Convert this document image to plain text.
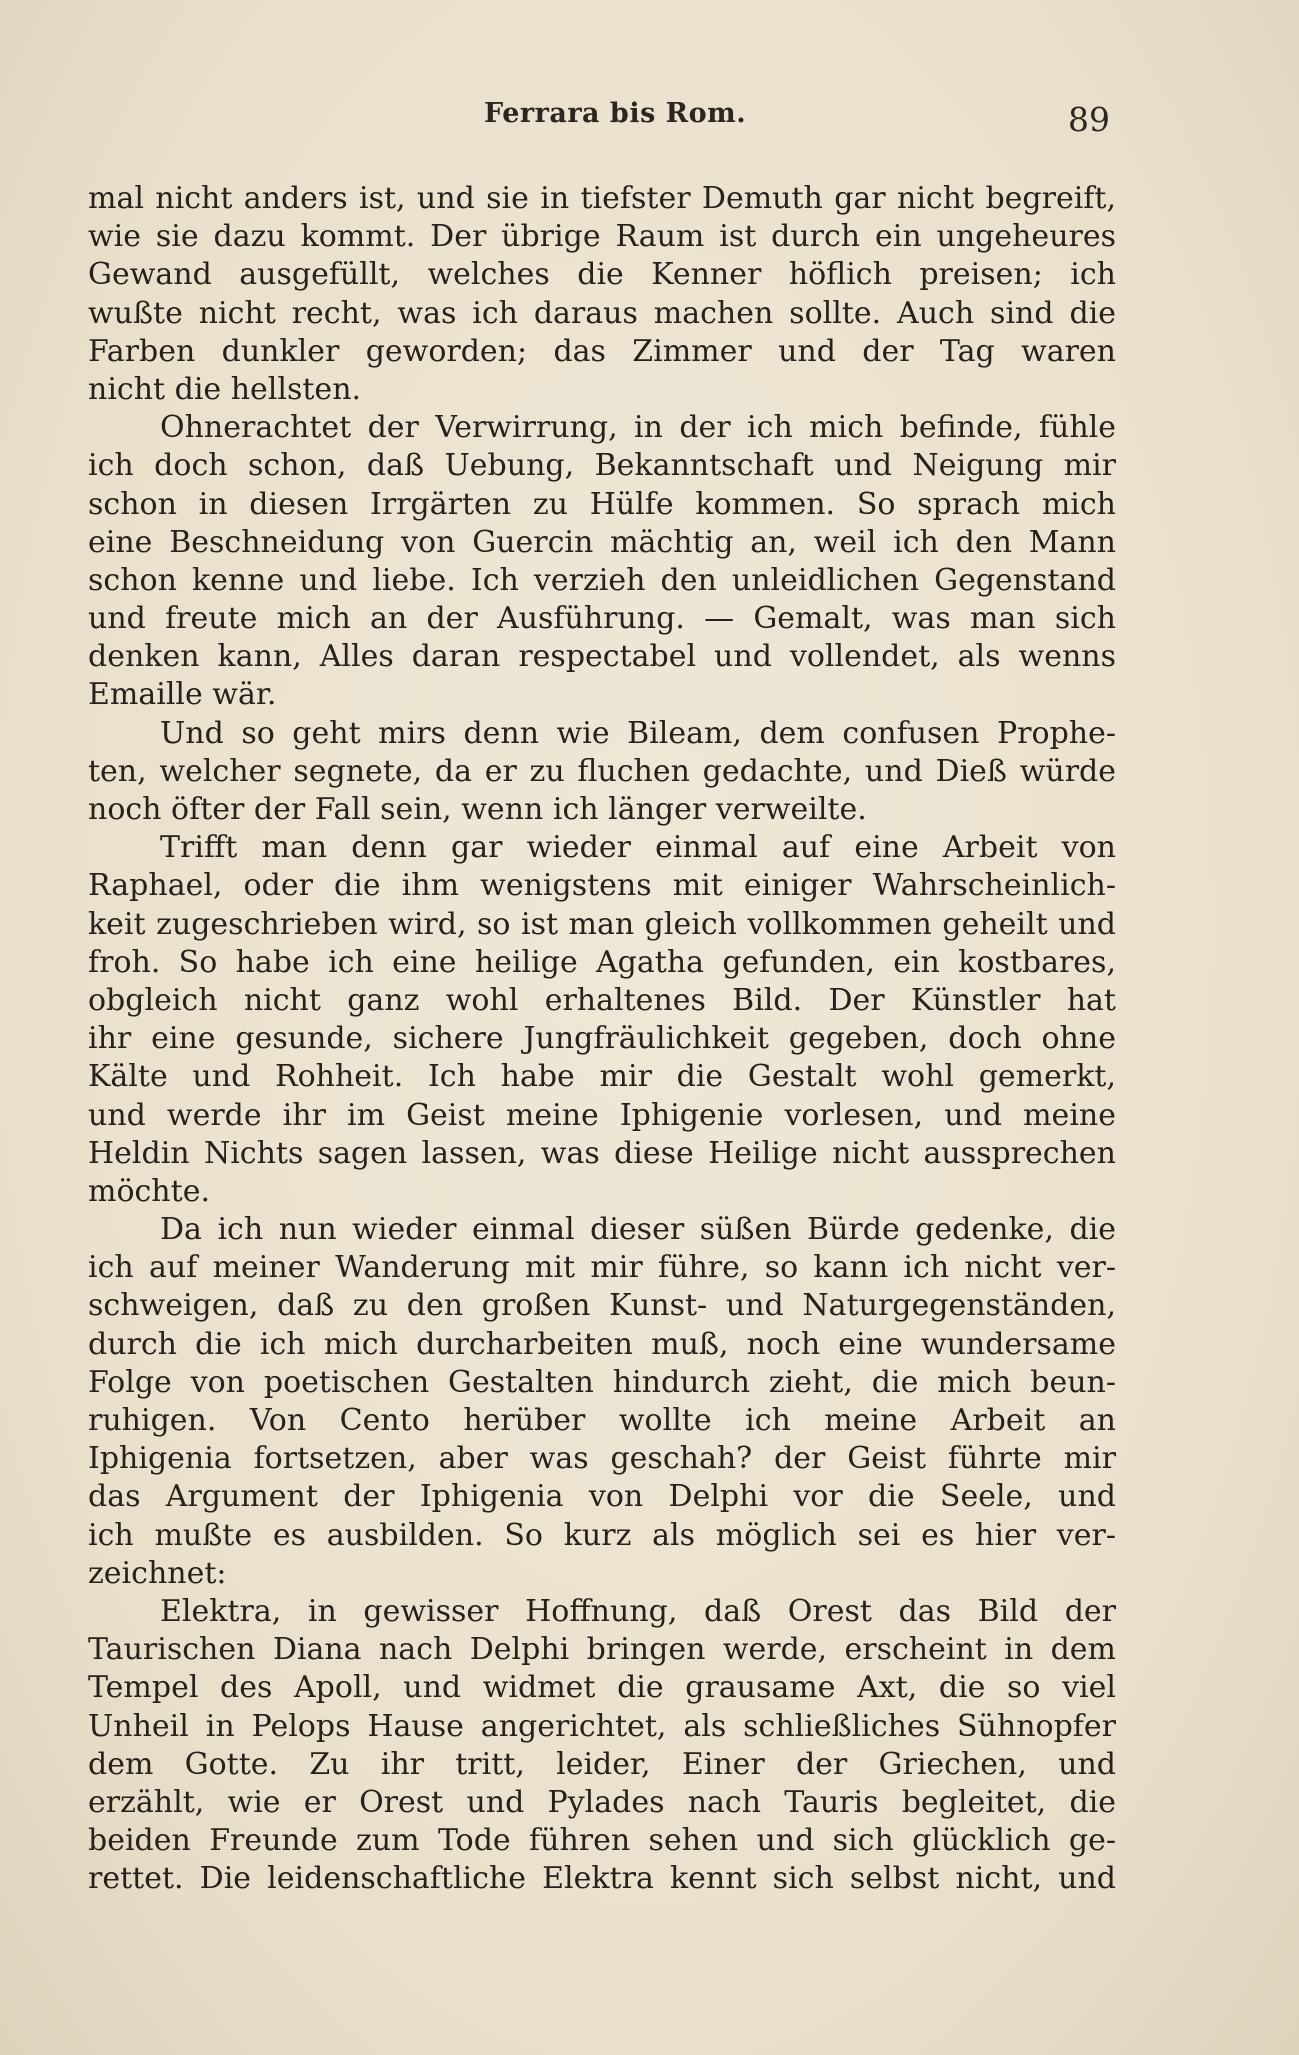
Ferrara bis Rom.	89
mal nicht anders ist, und sie in tiefster Demuth gar nicht begreift,
wie sie dazu kommt. Der übrige Raum ist durch ein ungeheures
Gewand ausgefüllt, welches die Kenner höflich preisen; ich
wußte nicht recht, was ich daraus machen sollte. Auch sind die
Farben dunkler geworden; das Zimmer und der Tag waren
nicht die hellsten.
Ohnerachtet der Verwirrung, in der ich mich befinde, fühle
ich doch schon, daß Uebung, Bekanntschaft und Neigung mir
schon in diesen Irrgärten zu Hülfe kommen. So sprach mich
eine Beschneidung von Guercin mächtig an, weil ich den Mann
schon kenne und liebe. Ich verzieh den unleidlichen Gegenstand
und freute mich an der Ausführung. — Gemalt, was man sich
denken kann, Alles daran respectabel und vollendet, als wenns
Emaille wär.
Und so geht mirs denn wie Bileam, dem confusen Prophe-
ten, welcher segnete, da er zu fluchen gedachte, und Dieß würde
noch öfter der Fall sein, wenn ich länger verweilte.
Trifft man denn gar wieder einmal auf eine Arbeit von
Raphael, oder die ihm wenigstens mit einiger Wahrscheinlich-
keit zugeschrieben wird, so ist man gleich vollkommen geheilt und
froh. So habe ich eine heilige Agatha gefunden, ein kostbares,
obgleich nicht ganz wohl erhaltenes Bild. Der Künstler hat
ihr eine gesunde, sichere Jungfräulichkeit gegeben, doch ohne
Kälte und Rohheit. Ich habe mir die Gestalt wohl gemerkt,
und werde ihr im Geist meine Iphigenie vorlesen, und meine
Heldin Nichts sagen lassen, was diese Heilige nicht aussprechen
möchte.
Da ich nun wieder einmal dieser süßen Bürde gedenke, die
ich auf meiner Wanderung mit mir führe, so kann ich nicht ver-
schweigen, daß zu den großen Kunst- und Naturgegenständen,
durch die ich mich durcharbeiten muß, noch eine wundersame
Folge von poetischen Gestalten hindurch zieht, die mich beun-
ruhigen. Von Cento herüber wollte ich meine Arbeit an
Iphigenia fortsetzen, aber was geschah? der Geist führte mir
das Argument der Iphigenia von Delphi vor die Seele, und
ich mußte es ausbilden. So kurz als möglich sei es hier ver-
zeichnet:
Elektra, in gewisser Hoffnung, daß Orest das Bild der
Taurischen Diana nach Delphi bringen werde, erscheint in dem
Tempel des Apoll, und widmet die grausame Axt, die so viel
Unheil in Pelops Hause angerichtet, als schließliches Sühnopfer
dem Gotte. Zu ihr tritt, leider, Einer der Griechen, und
erzählt, wie er Orest und Pylades nach Tauris begleitet, die
beiden Freunde zum Tode führen sehen und sich glücklich ge-
rettet. Die leidenschaftliche Elektra kennt sich selbst nicht, und
